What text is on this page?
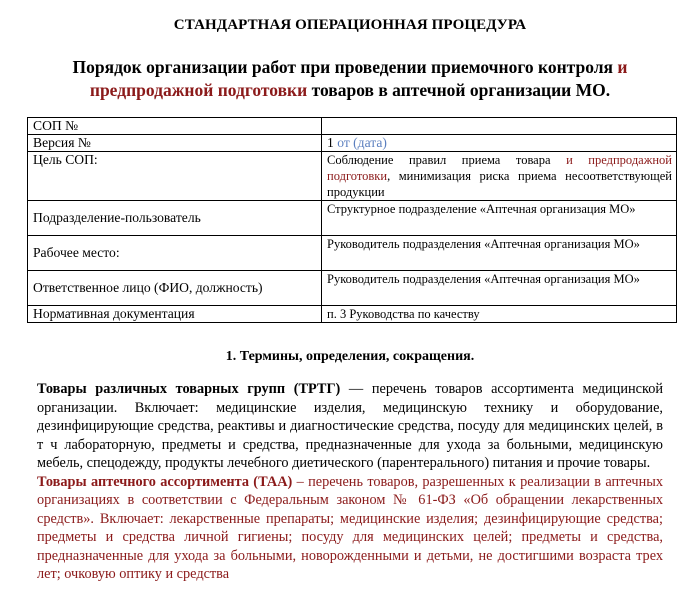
СТАНДАРТНАЯ ОПЕРАЦИОННАЯ ПРОЦЕДУРА
Порядок организации работ при проведении приемочного контроля и предпродажной подготовки товаров в аптечной организации МО.
СОП №	
Версия №	1 от (дата)
Цель СОП:	Соблюдение правил приема товара и предпродажной подготовки, минимизация риска приема несоответствующей продукции
Подразделение-пользователь	Структурное подразделение «Аптечная организация МО»
Рабочее место:	Руководитель подразделения «Аптечная организация МО»
Ответственное лицо (ФИО, должность)	Руководитель подразделения «Аптечная организация МО»
Нормативная документация	п. 3 Руководства по качеству
1. Термины, определения, сокращения.

Товары различных товарных групп (ТРТГ) — перечень товаров ассортимента медицинской организации. Включает: медицинские изделия, медицинскую технику и оборудование, дезинфицирующие средства, реактивы и диагностические средства, посуду для медицинских целей, в т ч лабораторную, предметы и средства, предназначенные для ухода за больными, медицинскую мебель, спецодежду, продукты лечебного диетического (парентерального) питания и прочие товары.

Товары аптечного ассортимента (ТАА) – перечень товаров, разрешенных к реализации в аптечных организациях в соответствии с Федеральным законом № 61-ФЗ «Об обращении лекарственных средств». Включает: лекарственные препараты; медицинские изделия; дезинфицирующие средства; предметы и средства личной гигиены; посуду для медицинских целей; предметы и средства, предназначенные для ухода за больными, новорожденными и детьми, не достигшими возраста трех лет; очковую оптику и средства
